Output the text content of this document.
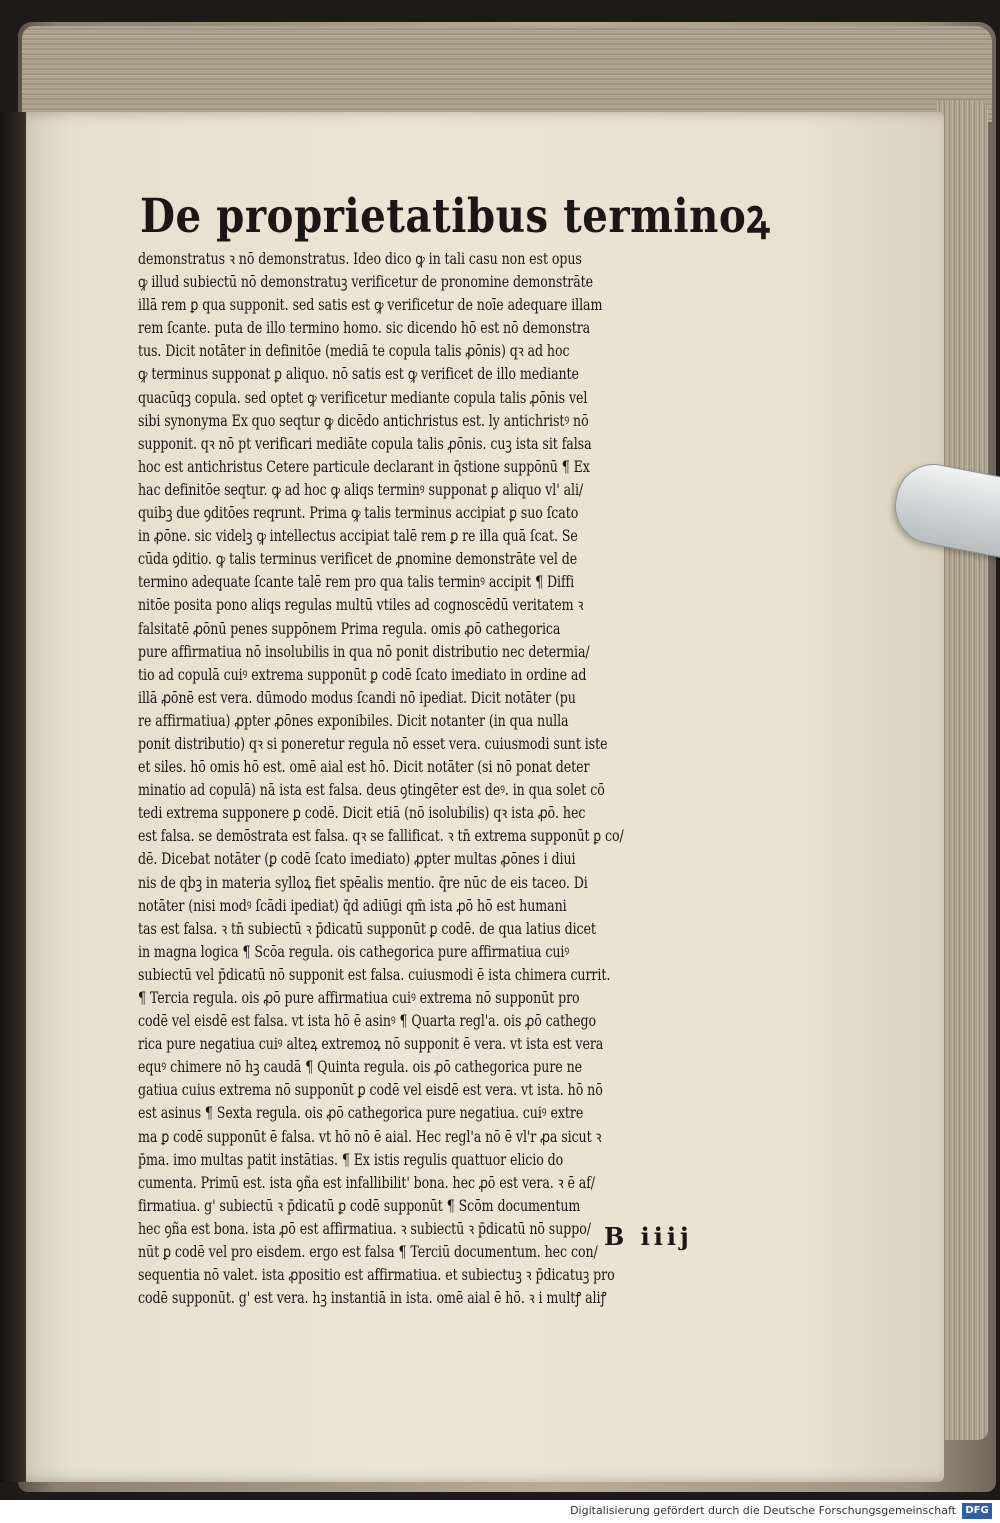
De proprietatibus terminoꝝ
demonstratus ꝛ nō demonstratus. Ideo dico ꝙ in tali casu non est opus
ꝙ illud subiectū nō demonstratuꝫ verificetur de pronomine demonstrāte
illā rem ꝑ qua supponit. sed satis est ꝙ verificetur de noīe adequare illam
rem ſcante. puta de illo termino homo. sic dicendo hō est nō demonstra
tus. Dicit notāter in definitōe (mediā te copula talis ꝓōnis) qꝛ ad hoc
ꝙ terminus supponat ꝑ aliquo. nō satis est ꝙ verificet de illo mediante
quacūqꝫ copula. sed optet ꝙ verificetur mediante copula talis ꝓōnis vel
sibi synonyma Ex quo seqtur ꝙ dicēdo antichristus est. ly antichristꝰ nō
supponit. qꝛ nō pt verificari mediāte copula talis ꝓōnis. cuꝫ ista sit falsa
hoc est antichristus Cetere particule declarant in q̄stione suppōnū ¶ Ex
hac definitōe seqtur. ꝙ ad hoc ꝙ aliqs terminꝰ supponat ꝑ aliquo vl' ali/
quibꝫ due ꝯditōes reqrunt. Prima ꝙ talis terminus accipiat ꝑ suo ſcato
in ꝓōne. sic videlꝫ ꝙ intellectus accipiat talē rem ꝑ re illa quā ſcat. Se
cūda ꝯditio. ꝙ talis terminus verificet de ꝓnomine demonstrāte vel de
termino adequate ſcante talē rem pro qua talis terminꝰ accipit ¶ Diffi
nitōe posita pono aliqs regulas multū vtiles ad cognoscēdū veritatem ꝛ
falsitatē ꝓōnū penes suppōnem Prima regula. omis ꝓō cathegorica
pure affirmatiua nō insolubilis in qua nō ponit distributio nec determia/
tio ad copulā cuiꝰ extrema supponūt ꝑ codē ſcato imediato in ordine ad
illā ꝓōnē est vera. dūmodo modus ſcandi nō ipediat. Dicit notāter (pu
re affirmatiua) ꝓpter ꝓōnes exponibiles. Dicit notanter (in qua nulla
ponit distributio) qꝛ si poneretur regula nō esset vera. cuiusmodi sunt iste
et siles. hō omis hō est. omē aial est hō. Dicit notāter (si nō ponat deter
minatio ad copulā) nā ista est falsa. deus ꝯtingēter est deꝰ. in qua solet cō
tedi extrema supponere ꝑ codē. Dicit etiā (nō isolubilis) qꝛ ista ꝓō. hec
est falsa. se demōstrata est falsa. qꝛ se fallificat. ꝛ tn̄ extrema supponūt ꝑ co/
dē. Dicebat notāter (ꝑ codē ſcato imediato) ꝓpter multas ꝓōnes i diui
nis de qbꝫ in materia sylloꝝ fiet spēalis mentio. q̄re nūc de eis taceo. Di
notāter (nisi modꝰ ſcādi ipediat) q̄d adiūgi qm̄ ista ꝓō hō est humani
tas est falsa. ꝛ tn̄ subiectū ꝛ p̄dicatū supponūt ꝑ codē. de qua latius dicet
in magna logica ¶ Scōa regula. ois cathegorica pure affirmatiua cuiꝰ
subiectū vel p̄dicatū nō supponit est falsa. cuiusmodi ē ista chimera currit.
¶ Tercia regula. ois ꝓō pure affirmatiua cuiꝰ extrema nō supponūt pro
codē vel eisdē est falsa. vt ista hō ē asinꝰ ¶ Quarta regl'a. ois ꝓō cathego
rica pure negatiua cuiꝰ alteꝝ extremoꝝ nō supponit ē vera. vt ista est vera
equꝰ chimere nō hꝫ caudā ¶ Quinta regula. ois ꝓō cathegorica pure ne
gatiua cuius extrema nō supponūt ꝑ codē vel eisdē est vera. vt ista. hō nō
est asinus ¶ Sexta regula. ois ꝓō cathegorica pure negatiua. cuiꝰ extre
ma ꝑ codē supponūt ē falsa. vt hō nō ē aial. Hec regl'a nō ē vl'r ꝓa sicut ꝛ
p̄ma. imo multas patit instātias. ¶ Ex istis regulis quattuor elicio do
cumenta. Primū est. ista ꝯña est infallibilit' bona. hec ꝓō est vera. ꝛ ē af/
firmatiua. g' subiectū ꝛ p̄dicatū ꝑ codē supponūt ¶ Scōm documentum
hec ꝯña est bona. ista ꝓō est affirmatiua. ꝛ subiectū ꝛ p̄dicatū nō suppo/
nūt ꝑ codē vel pro eisdem. ergo est falsa ¶ Terciū documentum. hec con/
sequentia nō valet. ista ꝓpositio est affirmatiua. et subiectuꝫ ꝛ p̄dicatuꝫ pro
codē supponūt. g' est vera. hꝫ instantiā in ista. omē aial ē hō. ꝛ i multꝭ aliꝭ
B iiij
Digitalisierung gefördert durch die Deutsche Forschungsgemeinschaft DFG
